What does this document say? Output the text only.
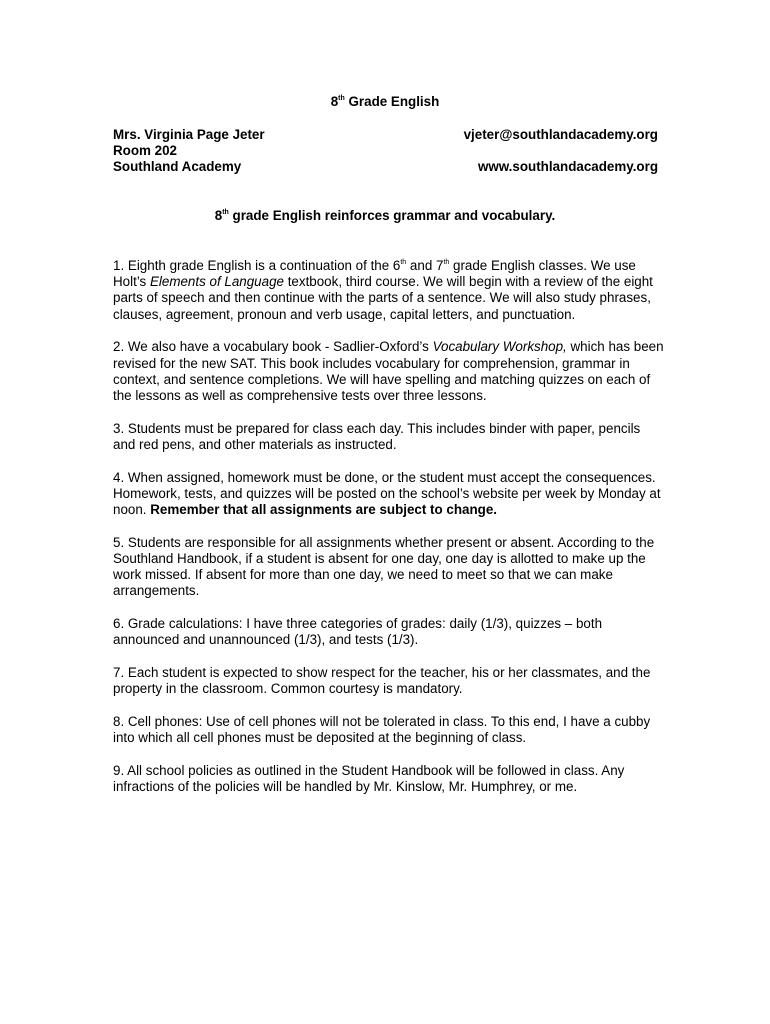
8th Grade English
Mrs. Virginia Page Jeter	vjeter@southlandacademy.org
Room 202
Southland Academy	www.southlandacademy.org
8th grade English reinforces grammar and vocabulary.
1. Eighth grade English is a continuation of the 6th and 7th grade English classes. We use Holt’s Elements of Language textbook, third course. We will begin with a review of the eight parts of speech and then continue with the parts of a sentence. We will also study phrases, clauses, agreement, pronoun and verb usage, capital letters, and punctuation.
2. We also have a vocabulary book - Sadlier-Oxford’s Vocabulary Workshop, which has been revised for the new SAT. This book includes vocabulary for comprehension, grammar in context, and sentence completions. We will have spelling and matching quizzes on each of the lessons as well as comprehensive tests over three lessons.
3. Students must be prepared for class each day. This includes binder with paper, pencils and red pens, and other materials as instructed.
4. When assigned, homework must be done, or the student must accept the consequences. Homework, tests, and quizzes will be posted on the school’s website per week by Monday at noon. Remember that all assignments are subject to change.
5. Students are responsible for all assignments whether present or absent. According to the Southland Handbook, if a student is absent for one day, one day is allotted to make up the work missed. If absent for more than one day, we need to meet so that we can make arrangements.
6. Grade calculations: I have three categories of grades: daily (1/3), quizzes – both announced and unannounced (1/3), and tests (1/3).
7. Each student is expected to show respect for the teacher, his or her classmates, and the property in the classroom. Common courtesy is mandatory.
8. Cell phones: Use of cell phones will not be tolerated in class. To this end, I have a cubby into which all cell phones must be deposited at the beginning of class.
9. All school policies as outlined in the Student Handbook will be followed in class. Any infractions of the policies will be handled by Mr. Kinslow, Mr. Humphrey, or me.
